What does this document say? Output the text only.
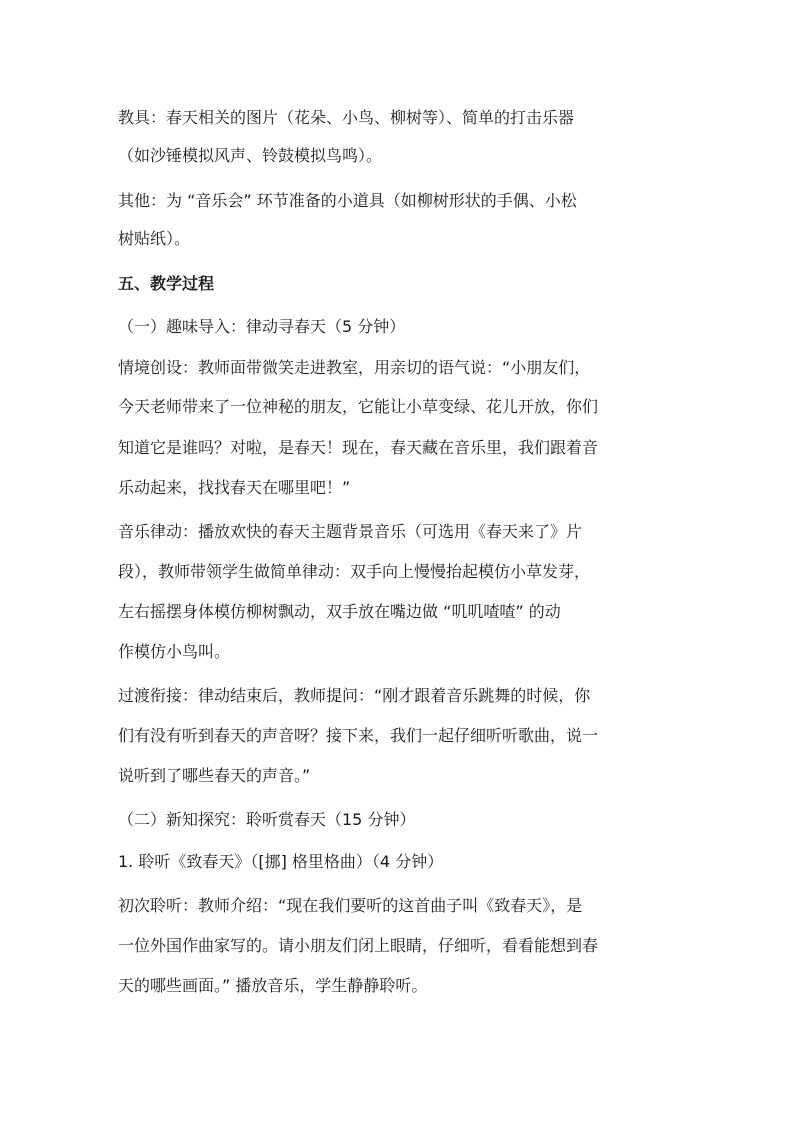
教具：春天相关的图片（花朵、小鸟、柳树等）、简单的打击乐器
（如沙锤模拟风声、铃鼓模拟鸟鸣）。
其他：为 “音乐会” 环节准备的小道具（如柳树形状的手偶、小松
树贴纸）。
五、教学过程
（一）趣味导入：律动寻春天（5 分钟）
情境创设：教师面带微笑走进教室，用亲切的语气说：“小朋友们，
今天老师带来了一位神秘的朋友，它能让小草变绿、花儿开放，你们
知道它是谁吗？对啦，是春天！现在，春天藏在音乐里，我们跟着音
乐动起来，找找春天在哪里吧！”
音乐律动：播放欢快的春天主题背景音乐（可选用《春天来了》片
段），教师带领学生做简单律动：双手向上慢慢抬起模仿小草发芽，
左右摇摆身体模仿柳树飘动，双手放在嘴边做 “叽叽喳喳” 的动
作模仿小鸟叫。
过渡衔接：律动结束后，教师提问：“刚才跟着音乐跳舞的时候，你
们有没有听到春天的声音呀？接下来，我们一起仔细听听歌曲，说一
说听到了哪些春天的声音。”
（二）新知探究：聆听赏春天（15 分钟）
1. 聆听《致春天》（[挪] 格里格曲）（4 分钟）
初次聆听：教师介绍：“现在我们要听的这首曲子叫《致春天》，是
一位外国作曲家写的。请小朋友们闭上眼睛，仔细听，看看能想到春
天的哪些画面。” 播放音乐，学生静静聆听。
